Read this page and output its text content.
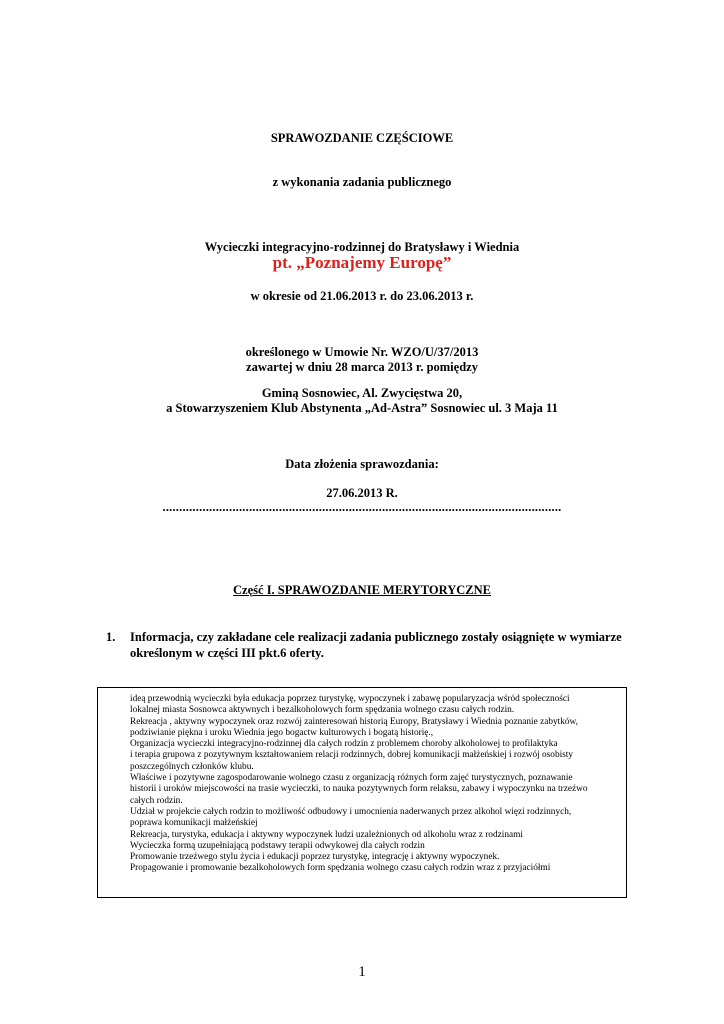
SPRAWOZDANIE CZĘŚCIOWE
z wykonania zadania publicznego
Wycieczki integracyjno-rodzinnej do Bratysławy i Wiednia
pt. „Poznajemy Europę”
w okresie od 21.06.2013 r. do 23.06.2013 r.
określonego w Umowie Nr. WZO/U/37/2013
zawartej w dniu 28 marca 2013 r. pomiędzy
Gminą Sosnowiec, Al. Zwycięstwa 20,
a Stowarzyszeniem Klub Abstynenta „Ad-Astra” Sosnowiec ul. 3 Maja 11
Data złożenia sprawozdania:
27.06.2013 R.
........................................................................................................................
Część I. SPRAWOZDANIE MERYTORYCZNE
1. Informacja, czy zakładane cele realizacji zadania publicznego zostały osiągnięte w wymiarze określonym w części III pkt.6 oferty.
ideą przewodnią wycieczki była edukacja poprzez turystykę, wypoczynek i zabawę popularyzacja wśród społeczności
lokalnej miasta Sosnowca aktywnych i bezalkoholowych form spędzania wolnego czasu całych rodzin.
Rekreacja , aktywny wypoczynek oraz rozwój zainteresowań historią Europy, Bratysławy i Wiednia poznanie zabytków,
podziwianie piękna i uroku Wiednia jego bogactw kulturowych i bogatą historię.,
Organizacja wycieczki integracyjno-rodzinnej dla całych rodzin z problemem choroby alkoholowej to profilaktyka
i terapia grupowa z pozytywnym kształtowaniem relacji rodzinnych, dobrej komunikacji małżeńskiej i rozwój osobisty
poszczególnych członków klubu.
Właściwe i pozytywne zagospodarowanie wolnego czasu z organizacją różnych form zajęć turystycznych, poznawanie
historii i uroków miejscowości na trasie wycieczki, to nauka pozytywnych form relaksu, zabawy i wypoczynku na trzeźwo
całych rodzin.
Udział w projekcie całych rodzin to możliwość odbudowy i umocnienia naderwanych przez alkohol więzi rodzinnych,
poprawa komunikacji małżeńskiej
Rekreacja, turystyka, edukacja i aktywny wypoczynek ludzi uzależnionych od alkoholu wraz z rodzinami
Wycieczka formą uzupełniającą podstawy terapii odwykowej dla całych rodzin
Promowanie trzeźwego stylu życia i edukacji poprzez turystykę, integrację i aktywny wypoczynek.
Propagowanie i promowanie bezalkoholowych form spędzania wolnego czasu całych rodzin wraz z przyjaciółmi
1
